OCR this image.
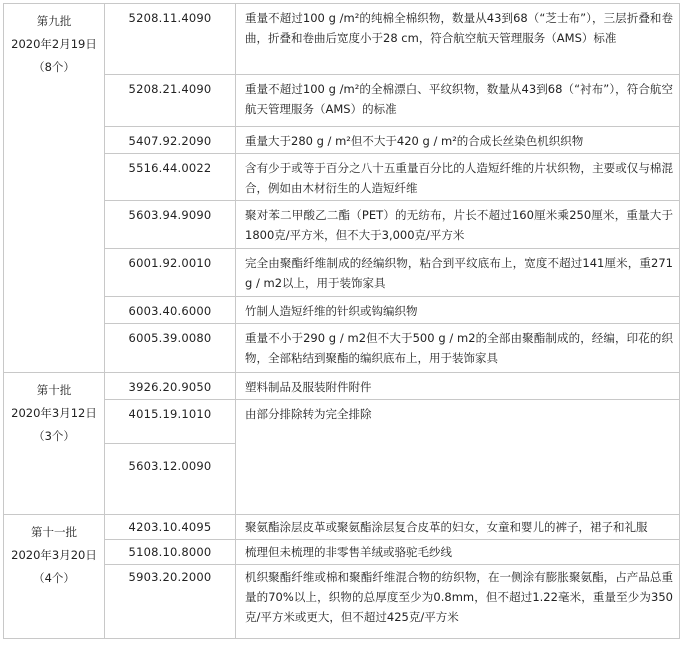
第九批
2020年2月19日
（8个）	5208.11.4090	重量不超过100 g /m²的纯棉全棉织物，数量从43到68（“芝士布”），三层折叠和卷曲，折叠和卷曲后宽度小于28 cm，符合航空航天管理服务（AMS）标准
	5208.21.4090	重量不超过100 g /m²的全棉漂白、平纹织物，数量从43到68（“衬布”），符合航空航天管理服务（AMS）的标准
	5407.92.2090	重量大于280 g / m²但不大于420 g / m²的合成长丝染色机织织物
	5516.44.0022	含有少于或等于百分之八十五重量百分比的人造短纤维的片状织物，主要或仅与棉混合，例如由木材衍生的人造短纤维
	5603.94.9090	聚对苯二甲酸乙二酯（PET）的无纺布，片长不超过160厘米乘250厘米，重量大于1800克/平方米，但不大于3,000克/平方米
	6001.92.0010	完全由聚酯纤维制成的经编织物，粘合到平纹底布上，宽度不超过141厘米，重271 g / m2以上，用于装饰家具
	6003.40.6000	竹制人造短纤维的针织或钩编织物
	6005.39.0080	重量不小于290 g / m2但不大于500 g / m2的全部由聚酯制成的，经编，印花的织物，全部粘结到聚酯的编织底布上，用于装饰家具

第十批
2020年3月12日
（3个）	3926.20.9050	塑料制品及服装附件附件
	4015.19.1010	由部分排除转为完全排除
	5603.12.0090	

第十一批
2020年3月20日
（4个）	4203.10.4095	聚氨酯涂层皮革或聚氨酯涂层复合皮革的妇女，女童和婴儿的裤子，裙子和礼服
	5108.10.8000	梳理但未梳理的非零售羊绒或骆驼毛纱线
	5903.20.2000	机织聚酯纤维或棉和聚酯纤维混合物的纺织物，在一侧涂有膨胀聚氨酯，占产品总重量的70%以上，织物的总厚度至少为0.8mm，但不超过1.22毫米，重量至少为350克/平方米或更大，但不超过425克/平方米
